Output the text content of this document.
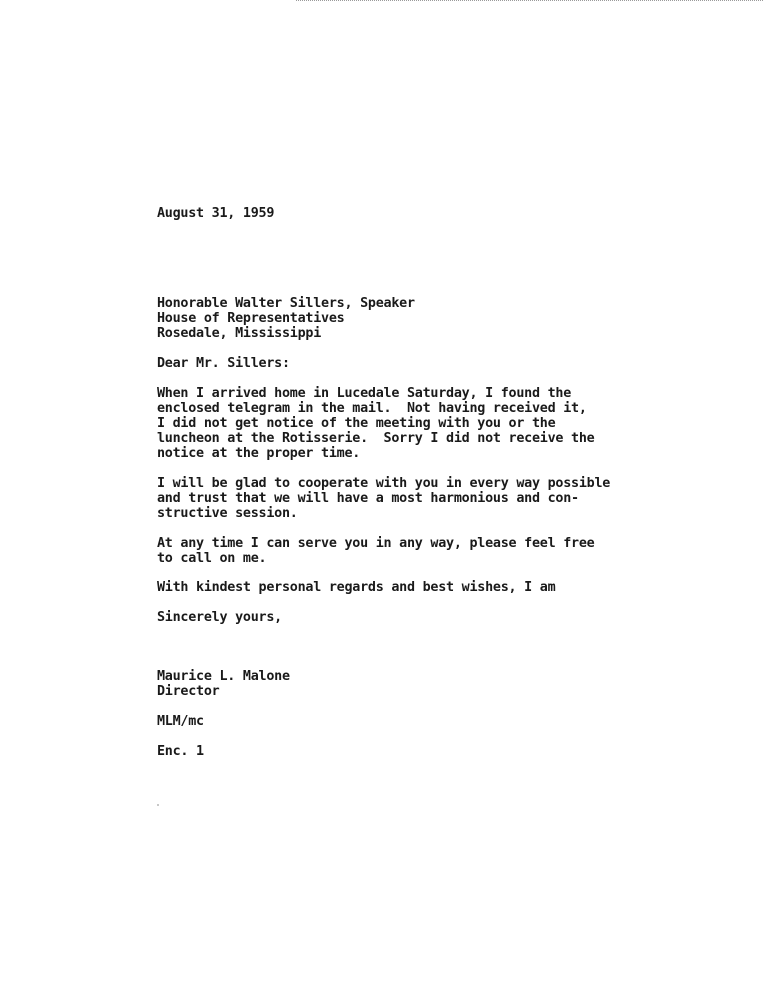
August 31, 1959
Honorable Walter Sillers, Speaker
House of Representatives
Rosedale, Mississippi
Dear Mr. Sillers:
When I arrived home in Lucedale Saturday, I found the
enclosed telegram in the mail.  Not having received it,
I did not get notice of the meeting with you or the
luncheon at the Rotisserie.  Sorry I did not receive the
notice at the proper time.
I will be glad to cooperate with you in every way possible
and trust that we will have a most harmonious and con-
structive session.
At any time I can serve you in any way, please feel free
to call on me.
With kindest personal regards and best wishes, I am
Sincerely yours,
Maurice L. Malone
Director
MLM/mc
Enc. 1
